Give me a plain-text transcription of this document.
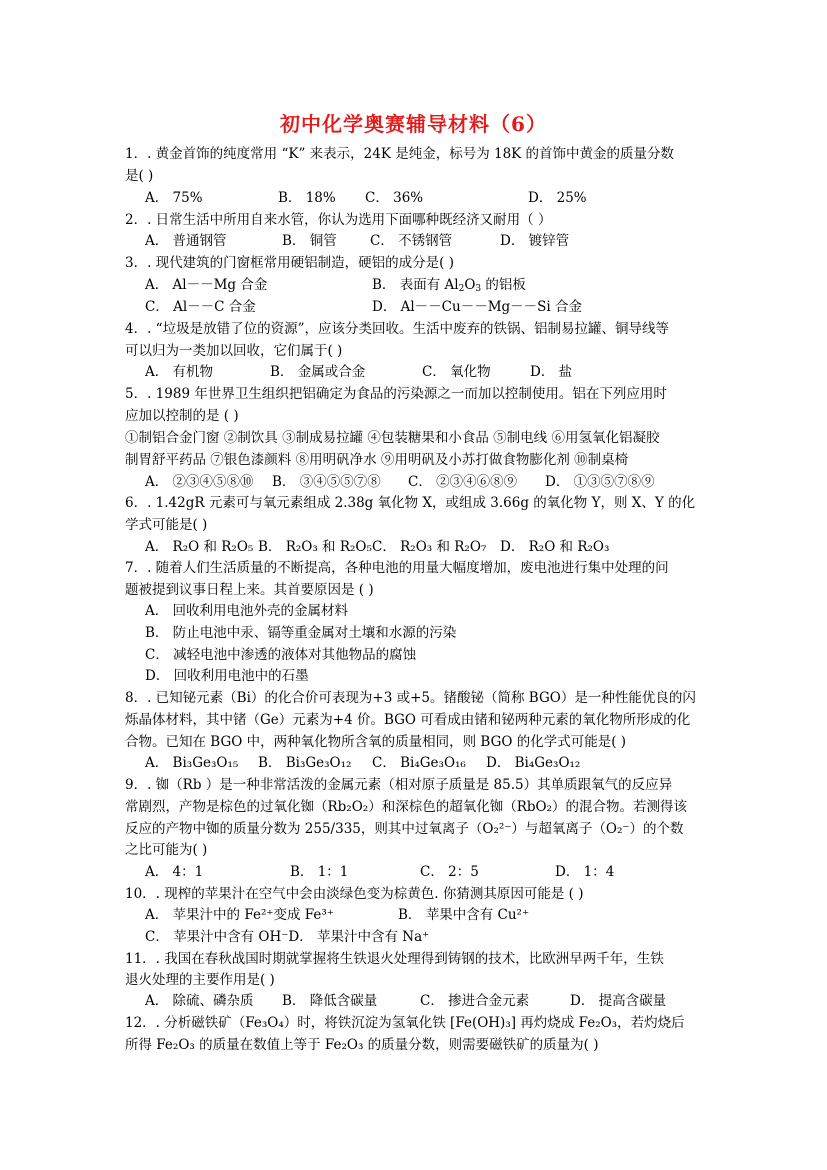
初中化学奥赛辅导材料（6）
1．. 黄金首饰的纯度常用 “K” 来表示，24K 是纯金，标号为 18K 的首饰中黄金的质量分数
是( )
A． 75%	B． 18% C． 36%	D． 25%
2．. 日常生活中所用自来水管，你认为选用下面哪种既经济又耐用（ ）
A． 普通钢管	B． 铜管 C． 不锈钢管	D． 镀锌管
3．. 现代建筑的门窗框常用硬铝制造，硬铝的成分是( )
A． Al－－Mg 合金	B． 表面有 $Al_2O_3$ 的铝板
C． Al－－C 合金	D． Al－－Cu－－Mg－－Si 合金
4．. “垃圾是放错了位的资源”，应该分类回收。生活中废弃的铁锅、铝制易拉罐、铜导线等
可以归为一类加以回收，它们属于( )
A． 有机物	B． 金属或合金	C． 氧化物	D． 盐
5．. 1989 年世界卫生组织把铝确定为食品的污染源之一而加以控制使用。铝在下列应用时
应加以控制的是 ( )
①制铝合金门窗 ②制饮具 ③制成易拉罐 ④包装糖果和小食品 ⑤制电线 ⑥用氢氧化铝凝胶
制胃舒平药品 ⑦银色漆颜料 ⑧用明矾净水 ⑨用明矾及小苏打做食物膨化剂 ⑩制桌椅
A． ②③④⑤⑧⑩ B． ③④⑤⑤⑦⑧ C． ②③④⑥⑧⑨ D． ①③⑤⑦⑧⑨
6．. 1.42gR 元素可与氧元素组成 2.38g 氧化物 X，或组成 3.66g 的氧化物 Y，则 X、Y 的化
学式可能是( )
A． R₂O 和 R₂O₅ B． R₂O₃ 和 R₂O₅ C． R₂O₃ 和 R₂O₇ D． R₂O 和 R₂O₃
7．. 随着人们生活质量的不断提高，各种电池的用量大幅度增加，废电池进行集中处理的问
题被提到议事日程上来。其首要原因是 ( )
A． 回收利用电池外壳的金属材料
B． 防止电池中汞、镉等重金属对土壤和水源的污染
C． 减轻电池中渗透的液体对其他物品的腐蚀
D． 回收利用电池中的石墨
8．. 已知铋元素（Bi）的化合价可表现为+3 或+5。锗酸铋（简称 BGO）是一种性能优良的闪
烁晶体材料，其中锗（Ge）元素为+4 价。BGO 可看成由锗和铋两种元素的氧化物所形成的化
合物。已知在 BGO 中，两种氧化物所含氧的质量相同，则 BGO 的化学式可能是( )
A． Bi₃Ge₃O₁₅ B． Bi₃Ge₃O₁₂ C． Bi₄Ge₃O₁₆ D． Bi₄Ge₃O₁₂
9．. 铷（Rb ）是一种非常活泼的金属元素（相对原子质量是 85.5）其单质跟氧气的反应异
常剧烈，产物是棕色的过氧化铷（Rb₂O₂）和深棕色的超氧化铷（RbO₂）的混合物。若测得该
反应的产物中铷的质量分数为 255/335，则其中过氧离子（O₂²⁻）与超氧离子（O₂⁻）的个数
之比可能为( )
A． 4：1	B． 1：1	C． 2：5	D． 1：4
10．. 现榨的苹果汁在空气中会由淡绿色变为棕黄色. 你猜测其原因可能是 ( )
A． 苹果汁中的 Fe²⁺变成 Fe³⁺	B． 苹果中含有 Cu²⁺
C． 苹果汁中含有 OH⁻D． 苹果汁中含有 Na⁺
11．. 我国在春秋战国时期就掌握将生铁退火处理得到铸钢的技术，比欧洲早两千年，生铁
退火处理的主要作用是( )
A． 除硫、磷杂质 B． 降低含碳量	C． 掺进合金元素	D． 提高含碳量
12．. 分析磁铁矿（Fe₃O₄）时，将铁沉淀为氢氧化铁 [Fe(OH)₃] 再灼烧成 Fe₂O₃，若灼烧后
所得 Fe₂O₃ 的质量在数值上等于 Fe₂O₃ 的质量分数，则需要磁铁矿的质量为( )
